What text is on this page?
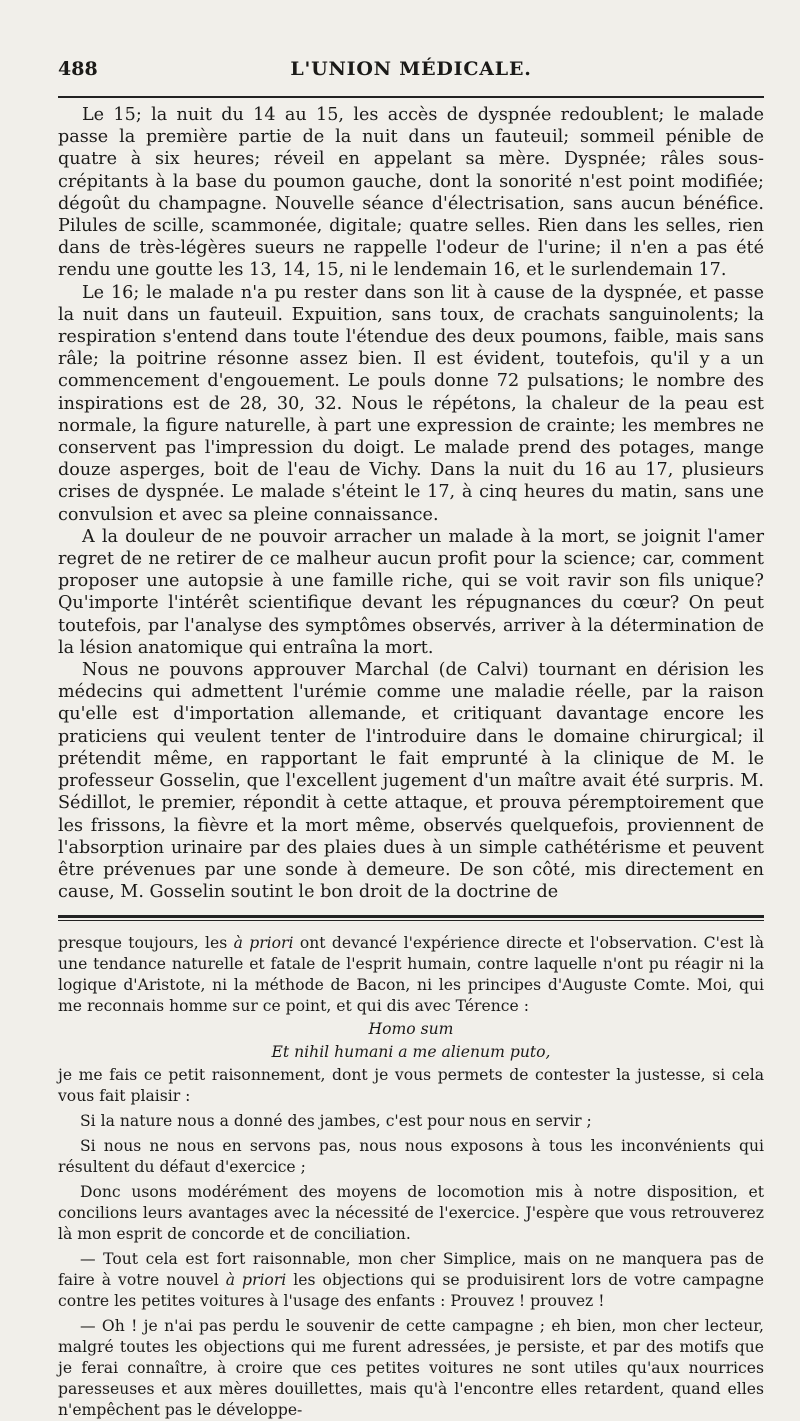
488	L'UNION MÉDICALE.

Le 15; la nuit du 14 au 15, les accès de dyspnée redoublent; le malade passe la première partie de la nuit dans un fauteuil; sommeil pénible de quatre à six heures; réveil en appelant sa mère. Dyspnée; râles sous-crépitants à la base du poumon gauche, dont la sonorité n'est point modifiée; dégoût du champagne. Nouvelle séance d'électrisation, sans aucun bénéfice. Pilules de scille, scammonée, digitale; quatre selles. Rien dans les selles, rien dans de très-légères sueurs ne rappelle l'odeur de l'urine; il n'en a pas été rendu une goutte les 13, 14, 15, ni le lendemain 16, et le surlendemain 17.

Le 16; le malade n'a pu rester dans son lit à cause de la dyspnée, et passe la nuit dans un fauteuil. Expuition, sans toux, de crachats sanguinolents; la respiration s'entend dans toute l'étendue des deux poumons, faible, mais sans râle; la poitrine résonne assez bien. Il est évident, toutefois, qu'il y a un commencement d'engouement. Le pouls donne 72 pulsations; le nombre des inspirations est de 28, 30, 32. Nous le répétons, la chaleur de la peau est normale, la figure naturelle, à part une expression de crainte; les membres ne conservent pas l'impression du doigt. Le malade prend des potages, mange douze asperges, boit de l'eau de Vichy. Dans la nuit du 16 au 17, plusieurs crises de dyspnée. Le malade s'éteint le 17, à cinq heures du matin, sans une convulsion et avec sa pleine connaissance.

A la douleur de ne pouvoir arracher un malade à la mort, se joignit l'amer regret de ne retirer de ce malheur aucun profit pour la science; car, comment proposer une autopsie à une famille riche, qui se voit ravir son fils unique? Qu'importe l'intérêt scientifique devant les répugnances du cœur? On peut toutefois, par l'analyse des symptômes observés, arriver à la détermination de la lésion anatomique qui entraîna la mort.

Nous ne pouvons approuver Marchal (de Calvi) tournant en dérision les médecins qui admettent l'urémie comme une maladie réelle, par la raison qu'elle est d'importation allemande, et critiquant davantage encore les praticiens qui veulent tenter de l'introduire dans le domaine chirurgical; il prétendit même, en rapportant le fait emprunté à la clinique de M. le professeur Gosselin, que l'excellent jugement d'un maître avait été surpris. M. Sédillot, le premier, répondit à cette attaque, et prouva péremptoirement que les frissons, la fièvre et la mort même, observés quelquefois, proviennent de l'absorption urinaire par des plaies dues à un simple cathétérisme et peuvent être prévenues par une sonde à demeure. De son côté, mis directement en cause, M. Gosselin soutint le bon droit de la doctrine de

presque toujours, les à priori ont devancé l'expérience directe et l'observation. C'est là une tendance naturelle et fatale de l'esprit humain, contre laquelle n'ont pu réagir ni la logique d'Aristote, ni la méthode de Bacon, ni les principes d'Auguste Comte. Moi, qui me reconnais homme sur ce point, et qui dis avec Térence :

Homo sum

Et nihil humani a me alienum puto,

je me fais ce petit raisonnement, dont je vous permets de contester la justesse, si cela vous fait plaisir :

Si la nature nous a donné des jambes, c'est pour nous en servir ;

Si nous ne nous en servons pas, nous nous exposons à tous les inconvénients qui résultent du défaut d'exercice ;

Donc usons modérément des moyens de locomotion mis à notre disposition, et concilions leurs avantages avec la nécessité de l'exercice. J'espère que vous retrouverez là mon esprit de concorde et de conciliation.

— Tout cela est fort raisonnable, mon cher Simplice, mais on ne manquera pas de faire à votre nouvel à priori les objections qui se produisirent lors de votre campagne contre les petites voitures à l'usage des enfants : Prouvez ! prouvez !

— Oh ! je n'ai pas perdu le souvenir de cette campagne ; eh bien, mon cher lecteur, malgré toutes les objections qui me furent adressées, je persiste, et par des motifs que je ferai connaître, à croire que ces petites voitures ne sont utiles qu'aux nourrices paresseuses et aux mères douillettes, mais qu'à l'encontre elles retardent, quand elles n'empêchent pas le développe-
